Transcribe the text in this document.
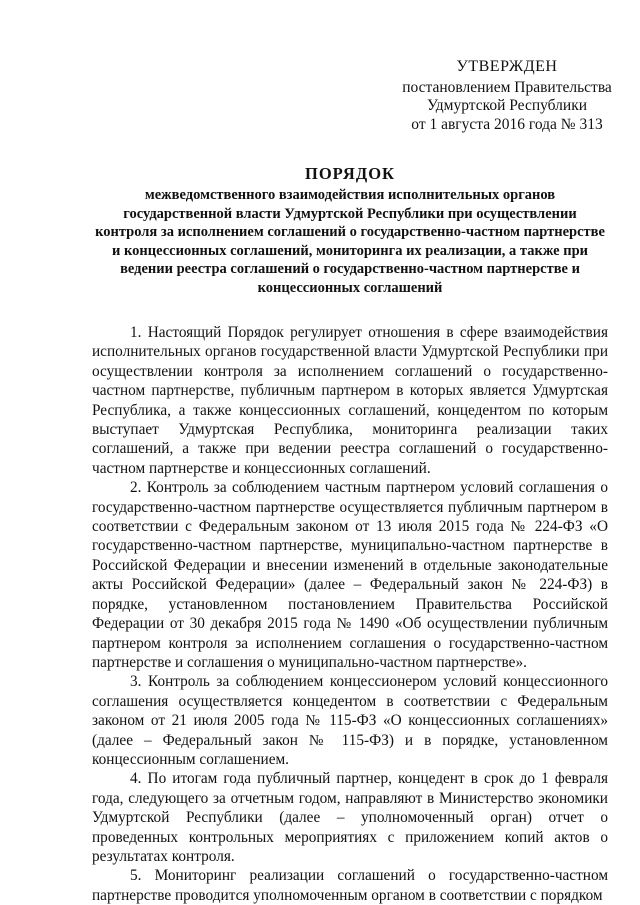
УТВЕРЖДЕН
постановлением Правительства
Удмуртской Республики
от 1 августа 2016 года № 313
ПОРЯДОК
межведомственного взаимодействия исполнительных органов государственной власти Удмуртской Республики при осуществлении контроля за исполнением соглашений о государственно-частном партнерстве и концессионных соглашений, мониторинга их реализации, а также при ведении реестра соглашений о государственно-частном партнерстве и концессионных соглашений

1. Настоящий Порядок регулирует отношения в сфере взаимодействия исполнительных органов государственной власти Удмуртской Республики при осуществлении контроля за исполнением соглашений о государственно-частном партнерстве, публичным партнером в которых является Удмуртская Республика, а также концессионных соглашений, концедентом по которым выступает Удмуртская Республика, мониторинга реализации таких соглашений, а также при ведении реестра соглашений о государственно-частном партнерстве и концессионных соглашений.

2. Контроль за соблюдением частным партнером условий соглашения о государственно-частном партнерстве осуществляется публичным партнером в соответствии с Федеральным законом от 13 июля 2015 года № 224-ФЗ «О государственно-частном партнерстве, муниципально-частном партнерстве в Российской Федерации и внесении изменений в отдельные законодательные акты Российской Федерации» (далее – Федеральный закон № 224-ФЗ) в порядке, установленном постановлением Правительства Российской Федерации от 30 декабря 2015 года № 1490 «Об осуществлении публичным партнером контроля за исполнением соглашения о государственно-частном партнерстве и соглашения о муниципально-частном партнерстве».

3. Контроль за соблюдением концессионером условий концессионного соглашения осуществляется концедентом в соответствии с Федеральным законом от 21 июля 2005 года № 115-ФЗ «О концессионных соглашениях» (далее – Федеральный закон № 115-ФЗ) и в порядке, установленном концессионным соглашением.

4. По итогам года публичный партнер, концедент в срок до 1 февраля года, следующего за отчетным годом, направляют в Министерство экономики Удмуртской Республики (далее – уполномоченный орган) отчет о проведенных контрольных мероприятиях с приложением копий актов о результатах контроля.

5. Мониторинг реализации соглашений о государственно-частном партнерстве проводится уполномоченным органом в соответствии с порядком
